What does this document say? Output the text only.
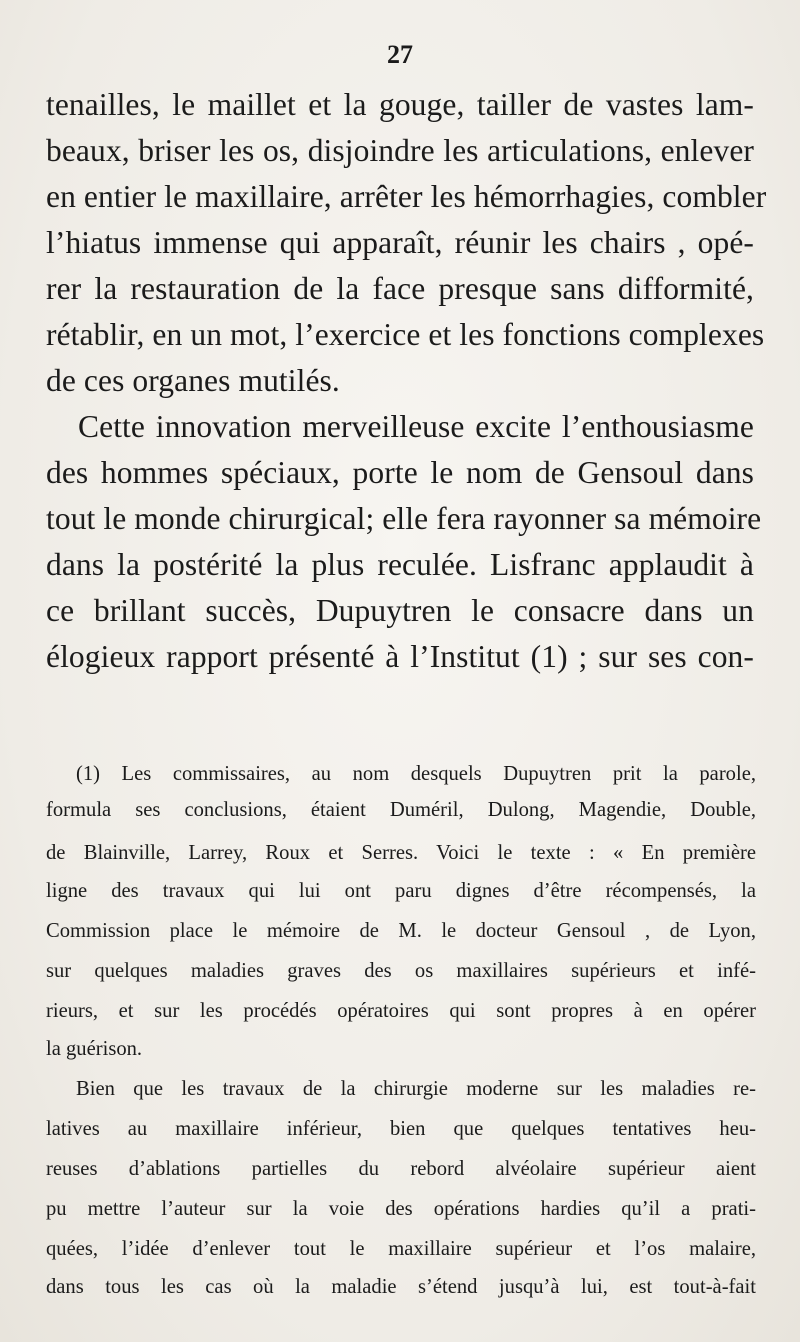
27
tenailles, le maillet et la gouge, tailler de vastes lam-
beaux, briser les os, disjoindre les articulations, enlever
en entier le maxillaire, arrêter les hémorrhagies, combler
l’hiatus immense qui apparaît, réunir les chairs , opé-
rer la restauration de la face presque sans difformité,
rétablir, en un mot, l’exercice et les fonctions complexes
de ces organes mutilés.
Cette innovation merveilleuse excite l’enthousiasme
des hommes spéciaux, porte le nom de Gensoul dans
tout le monde chirurgical; elle fera rayonner sa mémoire
dans la postérité la plus reculée. Lisfranc applaudit à
ce brillant succès, Dupuytren le consacre dans un
élogieux rapport présenté à l’Institut (1) ; sur ses con-
(1) Les commissaires, au nom desquels Dupuytren prit la parole,
formula ses conclusions, étaient Duméril, Dulong, Magendie, Double,
de Blainville, Larrey, Roux et Serres. Voici le texte : « En première
ligne des travaux qui lui ont paru dignes d’être récompensés, la
Commission place le mémoire de M. le docteur Gensoul , de Lyon,
sur quelques maladies graves des os maxillaires supérieurs et infé-
rieurs, et sur les procédés opératoires qui sont propres à en opérer
la guérison.
Bien que les travaux de la chirurgie moderne sur les maladies re-
latives au maxillaire inférieur, bien que quelques tentatives heu-
reuses d’ablations partielles du rebord alvéolaire supérieur aient
pu mettre l’auteur sur la voie des opérations hardies qu’il a prati-
quées, l’idée d’enlever tout le maxillaire supérieur et l’os malaire,
dans tous les cas où la maladie s’étend jusqu’à lui, est tout-à-fait
